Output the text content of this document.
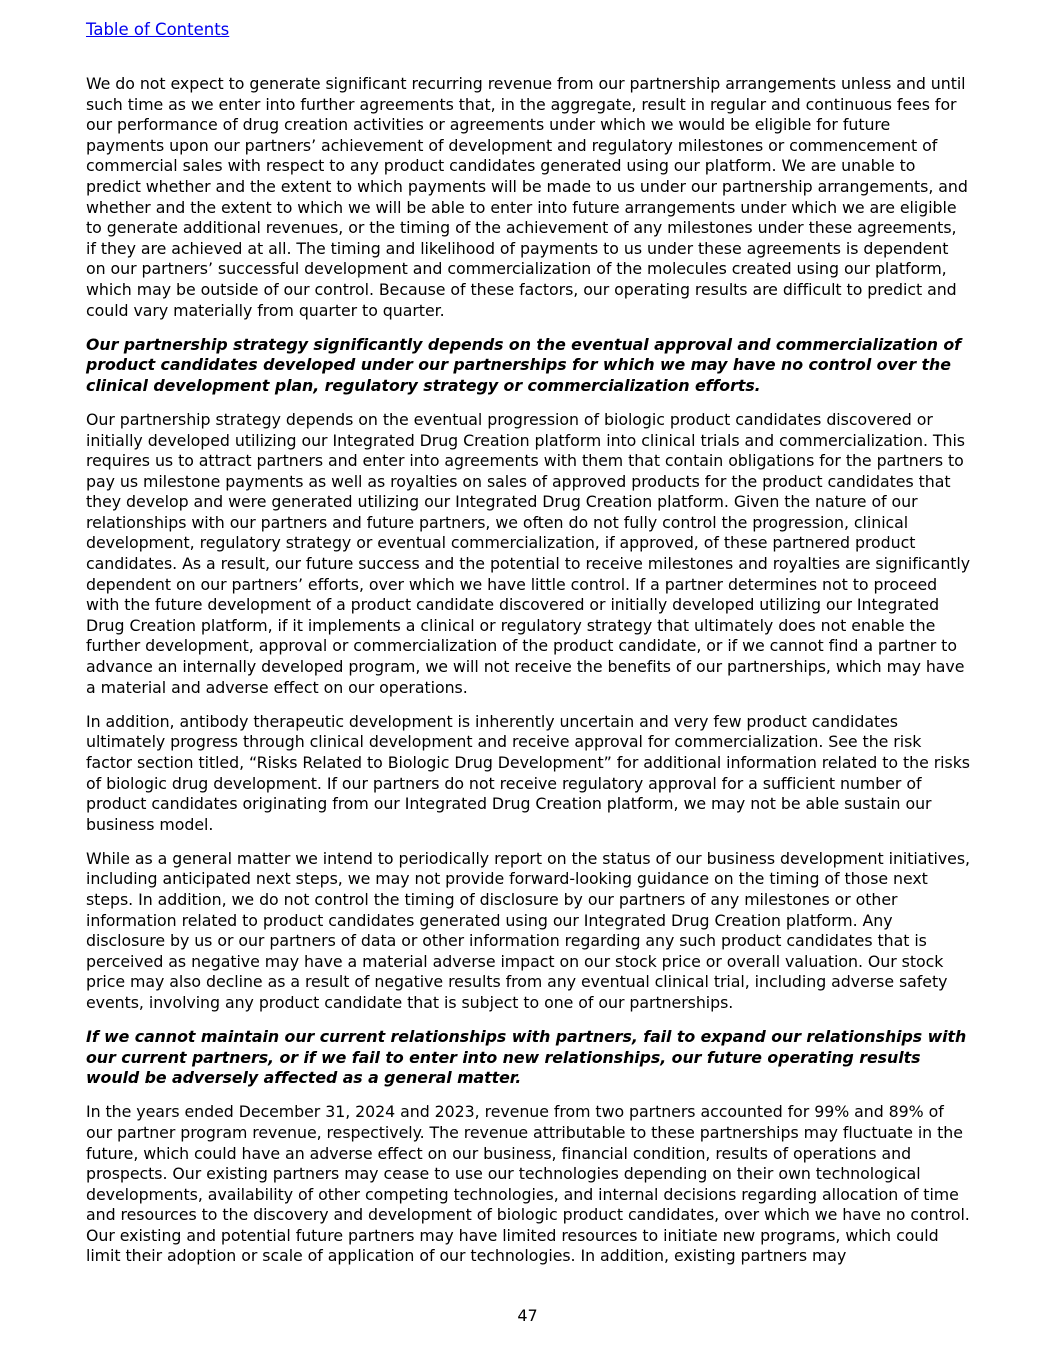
Table of Contents

We do not expect to generate significant recurring revenue from our partnership arrangements unless and until such time as we enter into further agreements that, in the aggregate, result in regular and continuous fees for our performance of drug creation activities or agreements under which we would be eligible for future payments upon our partners’ achievement of development and regulatory milestones or commencement of commercial sales with respect to any product candidates generated using our platform. We are unable to predict whether and the extent to which payments will be made to us under our partnership arrangements, and whether and the extent to which we will be able to enter into future arrangements under which we are eligible to generate additional revenues, or the timing of the achievement of any milestones under these agreements, if they are achieved at all. The timing and likelihood of payments to us under these agreements is dependent on our partners’ successful development and commercialization of the molecules created using our platform, which may be outside of our control. Because of these factors, our operating results are difficult to predict and could vary materially from quarter to quarter.

Our partnership strategy significantly depends on the eventual approval and commercialization of product candidates developed under our partnerships for which we may have no control over the clinical development plan, regulatory strategy or commercialization efforts.

Our partnership strategy depends on the eventual progression of biologic product candidates discovered or initially developed utilizing our Integrated Drug Creation platform into clinical trials and commercialization. This requires us to attract partners and enter into agreements with them that contain obligations for the partners to pay us milestone payments as well as royalties on sales of approved products for the product candidates that they develop and were generated utilizing our Integrated Drug Creation platform. Given the nature of our relationships with our partners and future partners, we often do not fully control the progression, clinical development, regulatory strategy or eventual commercialization, if approved, of these partnered product candidates. As a result, our future success and the potential to receive milestones and royalties are significantly dependent on our partners’ efforts, over which we have little control. If a partner determines not to proceed with the future development of a product candidate discovered or initially developed utilizing our Integrated Drug Creation platform, if it implements a clinical or regulatory strategy that ultimately does not enable the further development, approval or commercialization of the product candidate, or if we cannot find a partner to advance an internally developed program, we will not receive the benefits of our partnerships, which may have a material and adverse effect on our operations.

In addition, antibody therapeutic development is inherently uncertain and very few product candidates ultimately progress through clinical development and receive approval for commercialization. See the risk factor section titled, “Risks Related to Biologic Drug Development” for additional information related to the risks of biologic drug development. If our partners do not receive regulatory approval for a sufficient number of product candidates originating from our Integrated Drug Creation platform, we may not be able sustain our business model.

While as a general matter we intend to periodically report on the status of our business development initiatives, including anticipated next steps, we may not provide forward-looking guidance on the timing of those next steps. In addition, we do not control the timing of disclosure by our partners of any milestones or other information related to product candidates generated using our Integrated Drug Creation platform. Any disclosure by us or our partners of data or other information regarding any such product candidates that is perceived as negative may have a material adverse impact on our stock price or overall valuation. Our stock price may also decline as a result of negative results from any eventual clinical trial, including adverse safety events, involving any product candidate that is subject to one of our partnerships.

If we cannot maintain our current relationships with partners, fail to expand our relationships with our current partners, or if we fail to enter into new relationships, our future operating results would be adversely affected as a general matter.

In the years ended December 31, 2024 and 2023, revenue from two partners accounted for 99% and 89% of our partner program revenue, respectively. The revenue attributable to these partnerships may fluctuate in the future, which could have an adverse effect on our business, financial condition, results of operations and prospects. Our existing partners may cease to use our technologies depending on their own technological developments, availability of other competing technologies, and internal decisions regarding allocation of time and resources to the discovery and development of biologic product candidates, over which we have no control. Our existing and potential future partners may have limited resources to initiate new programs, which could limit their adoption or scale of application of our technologies. In addition, existing partners may

47
